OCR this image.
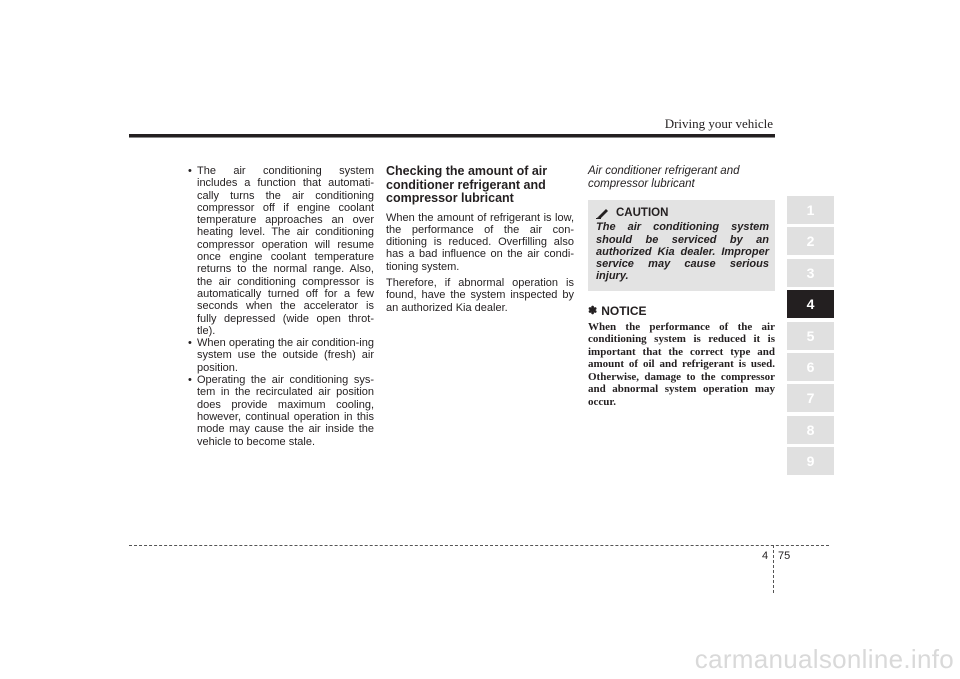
Driving your vehicle
• The air conditioning system includes a function that automati-cally turns the air conditioning compressor off if engine coolant temperature approaches an over heating level. The air conditioning compressor operation will resume once engine coolant temperature returns to the normal range. Also, the air conditioning compressor is automatically turned off for a few seconds when the accelerator is fully depressed (wide open throt-tle).
• When operating the air condition-ing system use the outside (fresh) air position.
• Operating the air conditioning sys-tem in the recirculated air position does provide maximum cooling, however, continual operation in this mode may cause the air inside the vehicle to become stale.
Checking the amount of air conditioner refrigerant and compressor lubricant

When the amount of refrigerant is low, the performance of the air con-ditioning is reduced. Overfilling also has a bad influence on the air condi-tioning system.

Therefore, if abnormal operation is found, have the system inspected by an authorized Kia dealer.

Air conditioner refrigerant and compressor lubricant
CAUTION
The air conditioning system should be serviced by an authorized Kia dealer. Improper service may cause serious injury.
✽ NOTICE
When the performance of the air conditioning system is reduced it is important that the correct type and amount of oil and refrigerant is used. Otherwise, damage to the compressor and abnormal system operation may occur.
1
2
3
4
5
6
7
8
9
4 75
carmanualsonline.info
